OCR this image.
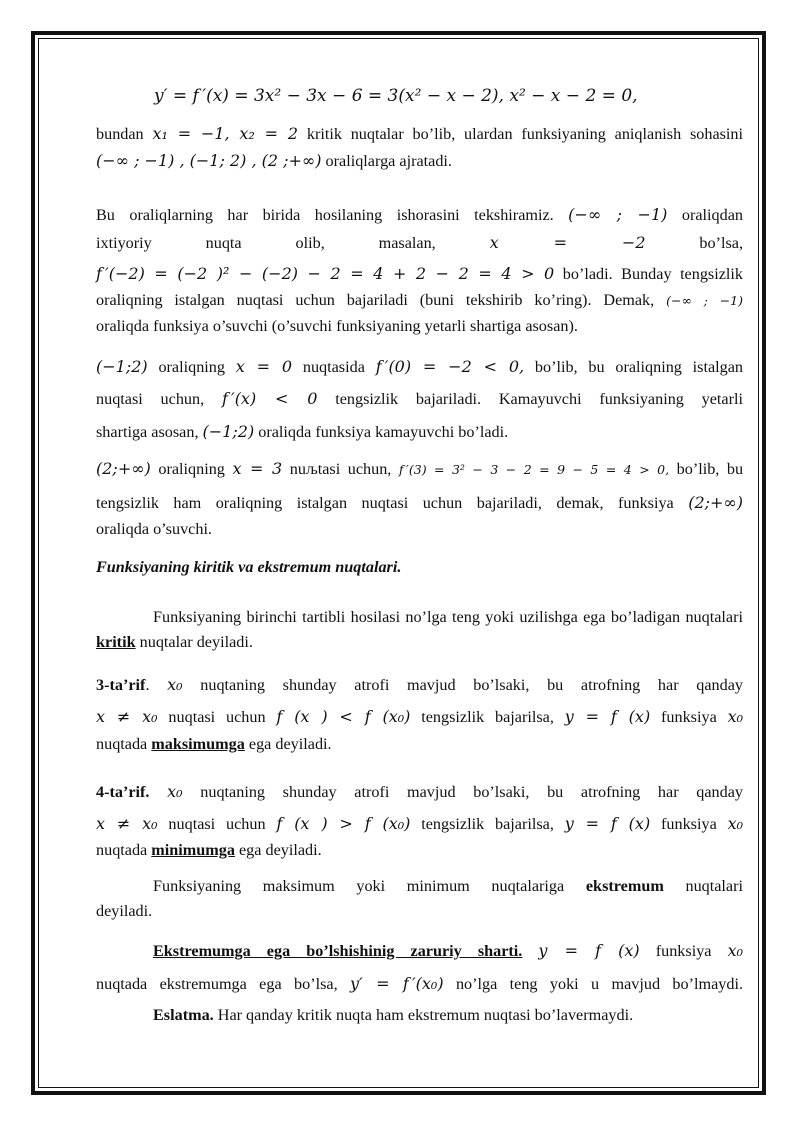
y′ = f ′(x) = 3x² − 3x − 6 = 3(x² − x − 2), x² − x − 2 = 0,
bundan x₁ = −1, x₂ = 2 kritik nuqtalar bo’lib, ulardan funksiyaning aniqlanish sohasini
(−∞ ; −1) , (−1; 2) , (2 ;+∞) oraliqlarga ajratadi.
Bu oraliqlarning har birida hosilaning ishorasini tekshiramiz. (−∞ ; −1) oraliqdan
ixtiyoriy nuqta olib, masalan,	x = −2	bo’lsa,
f ′(−2) = (−2 )² − (−2) − 2 = 4 + 2 − 2 = 4 > 0 bo’ladi. Bunday tengsizlik
oraliqning istalgan nuqtasi uchun bajariladi (buni tekshirib ko’ring). Demak, (−∞ ; −1)
oraliqda funksiya o’suvchi (o’suvchi funksiyaning yetarli shartiga asosan).
(−1;2) oraliqning x = 0 nuqtasida f ′(0) = −2 < 0, bo’lib, bu oraliqning istalgan
nuqtasi uchun, f ′(x) < 0 tengsizlik bajariladi. Kamayuvchi funksiyaning yetarli
shartiga asosan, (−1;2) oraliqda funksiya kamayuvchi bo’ladi.
(2;+∞) oraliqning x = 3 nuљtasi uchun, f ′(3) = 3² − 3 − 2 = 9 − 5 = 4 > 0, bo’lib, bu
tengsizlik ham oraliqning istalgan nuqtasi uchun bajariladi, demak, funksiya (2;+∞)
oraliqda o’suvchi.
Funksiyaning kiritik va ekstremum nuqtalari.
Funksiyaning birinchi tartibli hosilasi no’lga teng yoki uzilishga ega bo’ladigan nuqtalari kritik nuqtalar deyiladi.
3-ta’rif. x₀ nuqtaning shunday atrofi mavjud bo’lsaki, bu atrofning har qanday
x ≠ x₀ nuqtasi uchun f (x ) < f (x₀) tengsizlik bajarilsa, y = f (x) funksiya x₀
nuqtada maksimumga ega deyiladi.
4-ta’rif. x₀ nuqtaning shunday atrofi mavjud bo’lsaki, bu atrofning har qanday
x ≠ x₀ nuqtasi uchun f (x ) > f (x₀) tengsizlik bajarilsa, y = f (x) funksiya x₀
nuqtada minimumga ega deyiladi.
Funksiyaning maksimum yoki minimum nuqtalariga ekstremum nuqtalari
deyiladi.
Ekstremumga ega bo’lshishinig zaruriy sharti. y = f (x) funksiya x₀
nuqtada ekstremumga ega bo’lsa, y′ = f ′(x₀) no’lga teng yoki u mavjud bo’lmaydi.
Eslatma. Har qanday kritik nuqta ham ekstremum nuqtasi bo’lavermaydi.
